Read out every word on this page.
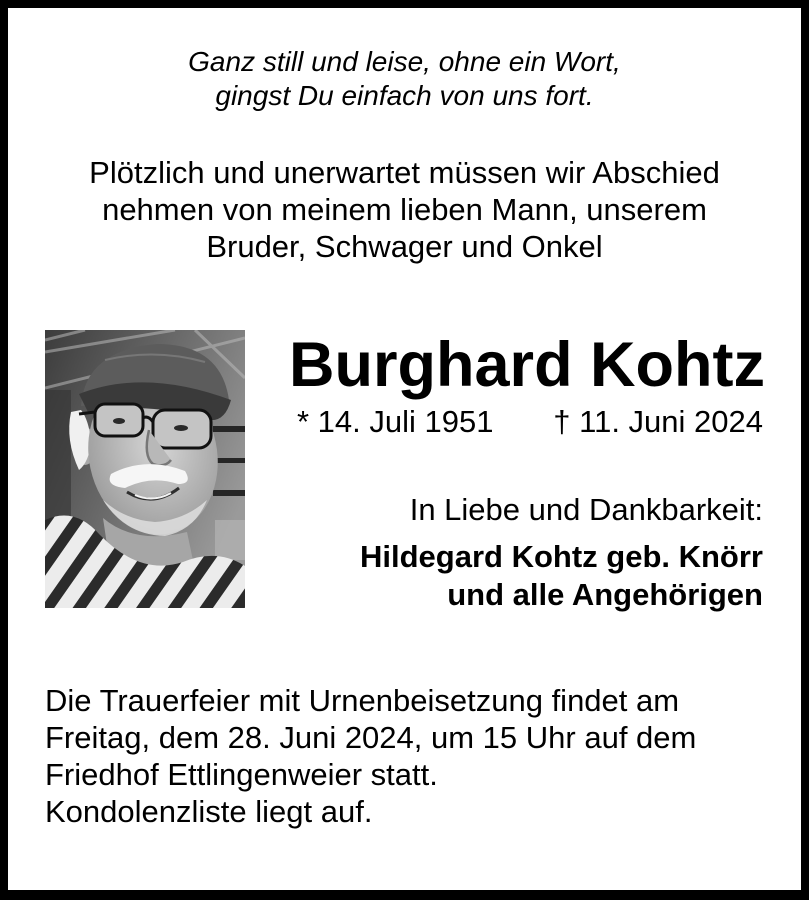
Ganz still und leise, ohne ein Wort,
gingst Du einfach von uns fort.
Plötzlich und unerwartet müssen wir Abschied
nehmen von meinem lieben Mann, unserem
Bruder, Schwager und Onkel
Burghard Kohtz
* 14. Juli 1951 † 11. Juni 2024
In Liebe und Dankbarkeit:
Hildegard Kohtz geb. Knörr
und alle Angehörigen
Die Trauerfeier mit Urnenbeisetzung findet am
Freitag, dem 28. Juni 2024, um 15 Uhr auf dem
Friedhof Ettlingenweier statt.
Kondolenzliste liegt auf.
